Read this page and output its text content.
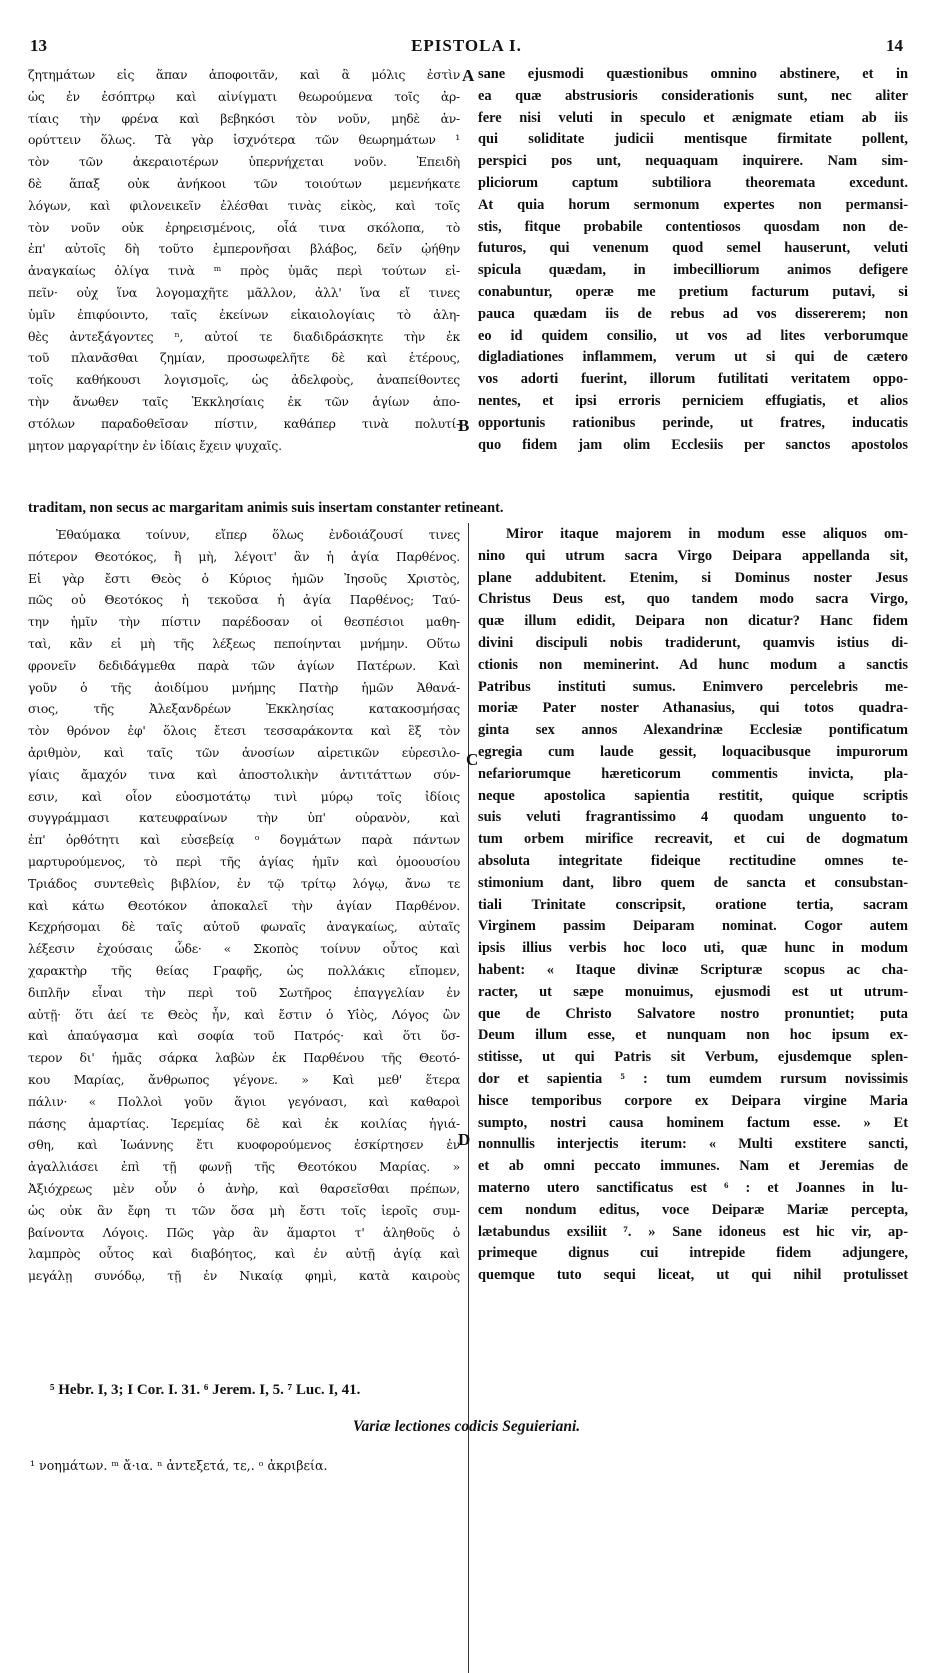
13	EPISTOLA I.	14
ζητημάτων εἰς ἅπαν ἀποφοιτᾶν, καὶ ἃ μόλις ἐστὶν
ὡς ἐν ἐσόπτρῳ καὶ αἰνίγματι θεωρούμενα τοῖς ἀρ-
τίαις τὴν φρένα καὶ βεβηκόσι τὸν νοῦν, μηδὲ ἀν-
ορύττειν ὅλως. Τὰ γὰρ ἰσχνότερα τῶν θεωρημάτων ¹
τὸν τῶν ἀκεραιοτέρων ὑπερνήχεται νοῦν. Ἐπειδὴ
δὲ ἅπαξ οὐκ ἀνήκοοι τῶν τοιούτων μεμενήκατε
λόγων, καὶ φιλονεικεῖν ἐλέσθαι τινὰς εἰκὸς, καὶ τοῖς
τὸν νοῦν οὐκ ἐρηρεισμένοις, οἷά τινα σκόλοπα, τὸ
ἐπ' αὐτοῖς δὴ τοῦτο ἐμπερονῆσαι βλάβος, δεῖν ᾠήθην
ἀναγκαίως ὀλίγα τινὰ ᵐ πρὸς ὑμᾶς περὶ τούτων εἰ-
πεῖν· οὐχ ἵνα λογομαχῆτε μᾶλλον, ἀλλ' ἵνα εἴ τινες
ὑμῖν ἐπιφύοιντο, ταῖς ἐκείνων εἰκαιολογίαις τὸ ἀλη-
θὲς ἀντεξάγοντες ⁿ, αὐτοί τε διαδιδράσκητε τὴν ἐκ
τοῦ πλανᾶσθαι ζημίαν, προσωφελῆτε δὲ καὶ ἑτέρους,
τοῖς καθήκουσι λογισμοῖς, ὡς ἀδελφοὺς, ἀναπείθοντες
τὴν ἄνωθεν ταῖς Ἐκκλησίαις ἐκ τῶν ἁγίων ἀπο-
στόλων παραδοθεῖσαν πίστιν, καθάπερ τινὰ πολυτί-
μητον μαργαρίτην ἐν ἰδίαις ἔχειν ψυχαῖς.
sane ejusmodi quæstionibus omnino abstinere, et in
ea quæ abstrusioris considerationis sunt, nec aliter
fere nisi veluti in speculo et ænigmate etiam ab iis
qui soliditate judicii mentisque firmitate pollent,
perspici pos unt, nequaquam inquirere. Nam sim-
pliciorum captum subtiliora theoremata excedunt.
At quia horum sermonum expertes non permansi-
stis, fitque probabile contentiosos quosdam non de-
futuros, qui venenum quod semel hauserunt, veluti
spicula quædam, in imbecilliorum animos defigere
conabuntur, operæ me pretium facturum putavi, si
pauca quædam iis de rebus ad vos dissererem; non
eo id quidem consilio, ut vos ad lites verborumque
digladiationes inflammem, verum ut si qui de cætero
vos adorti fuerint, illorum futilitati veritatem oppo-
nentes, et ipsi erroris perniciem effugiatis, et alios
opportunis rationibus perinde, ut fratres, inducatis
quo fidem jam olim Ecclesiis per sanctos apostolos
traditam, non secus ac margaritam animis suis insertam constanter retineant.
Ἐθαύμακα τοίνυν, εἴπερ ὅλως ἐνδοιάζουσί τινες
πότερον Θεοτόκος, ἢ μὴ, λέγοιτ' ἂν ἡ ἁγία Παρθένος.
Εἰ γὰρ ἔστι Θεὸς ὁ Κύριος ἡμῶν Ἰησοῦς Χριστὸς,
πῶς οὐ Θεοτόκος ἡ τεκοῦσα ἡ ἁγία Παρθένος; Ταύ-
την ἡμῖν τὴν πίστιν παρέδοσαν οἱ θεσπέσιοι μαθη-
ταὶ, κἂν εἰ μὴ τῆς λέξεως πεποίηνται μνήμην. Οὕτω
φρονεῖν δεδιδάγμεθα παρὰ τῶν ἁγίων Πατέρων. Καὶ
γοῦν ὁ τῆς ἀοιδίμου μνήμης Πατὴρ ἡμῶν Ἀθανά-
σιος, τῆς Ἀλεξανδρέων Ἐκκλησίας κατακοσμήσας
τὸν θρόνον ἐφ' ὅλοις ἔτεσι τεσσαράκοντα καὶ ἓξ τὸν
ἀριθμὸν, καὶ ταῖς τῶν ἀνοσίων αἱρετικῶν εὑρεσιλο-
γίαις ἄμαχόν τινα καὶ ἀποστολικὴν ἀντιτάττων σύν-
εσιν, καὶ οἷον εὐοσμοτάτῳ τινὶ μύρῳ τοῖς ἰδίοις
συγγράμμασι κατευφραίνων τὴν ὑπ' οὐρανὸν, καὶ
ἐπ' ὀρθότητι καὶ εὐσεβείᾳ ᵒ δογμάτων παρὰ πάντων
μαρτυρούμενος, τὸ περὶ τῆς ἁγίας ἡμῖν καὶ ὁμοουσίου
Τριάδος συντεθεὶς βιβλίον, ἐν τῷ τρίτῳ λόγῳ, ἄνω τε
καὶ κάτω Θεοτόκον ἀποκαλεῖ τὴν ἁγίαν Παρθένον.
Κεχρήσομαι δὲ ταῖς αὐτοῦ φωναῖς ἀναγκαίως, αὐταῖς
λέξεσιν ἐχούσαις ὧδε· « Σκοπὸς τοίνυν οὗτος καὶ
χαρακτὴρ τῆς θείας Γραφῆς, ὡς πολλάκις εἴπομεν,
διπλῆν εἶναι τὴν περὶ τοῦ Σωτῆρος ἐπαγγελίαν ἐν
αὐτῇ· ὅτι ἀεί τε Θεὸς ἦν, καὶ ἔστιν ὁ Υἱὸς, Λόγος ὢν
καὶ ἀπαύγασμα καὶ σοφία τοῦ Πατρός· καὶ ὅτι ὕσ-
τερον δι' ἡμᾶς σάρκα λαβὼν ἐκ Παρθένου τῆς Θεοτό-
κου Μαρίας, ἄνθρωπος γέγονε. » Καὶ μεθ' ἕτερα
πάλιν· « Πολλοὶ γοῦν ἅγιοι γεγόνασι, καὶ καθαροὶ
πάσης ἁμαρτίας. Ἱερεμίας δὲ καὶ ἐκ κοιλίας ἡγιά-
σθη, καὶ Ἰωάννης ἔτι κυοφορούμενος ἐσκίρτησεν ἐν
ἀγαλλιάσει ἐπὶ τῇ φωνῇ τῆς Θεοτόκου Μαρίας. »
Ἀξιόχρεως μὲν οὖν ὁ ἀνὴρ, καὶ θαρσεῖσθαι πρέπων,
ὡς οὐκ ἂν ἔφη τι τῶν ὅσα μὴ ἔστι τοῖς ἱεροῖς συμ-
βαίνοντα Λόγοις. Πῶς γὰρ ἂν ἅμαρτοι τ' ἀληθοῦς ὁ
λαμπρὸς οὗτος καὶ διαβόητος, καὶ ἐν αὐτῇ ἁγίᾳ καὶ
μεγάλῃ συνόδῳ, τῇ ἐν Νικαίᾳ φημὶ, κατὰ καιροὺς
Miror itaque majorem in modum esse aliquos om-
nino qui utrum sacra Virgo Deipara appellanda sit,
plane addubitent. Etenim, si Dominus noster Jesus
Christus Deus est, quo tandem modo sacra Virgo,
quæ illum edidit, Deipara non dicatur? Hanc fidem
divini discipuli nobis tradiderunt, quamvis istius di-
ctionis non meminerint. Ad hunc modum a sanctis
Patribus instituti sumus. Enimvero percelebris me-
moriæ Pater noster Athanasius, qui totos quadra-
ginta sex annos Alexandrinæ Ecclesiæ pontificatum
egregia cum laude gessit, loquacibusque impurorum
nefariorumque hæreticorum commentis invicta, pla-
neque apostolica sapientia restitit, quique scriptis
suis veluti fragrantissimo 4 quodam unguento to-
tum orbem mirifice recreavit, et cui de dogmatum
absoluta integritate fideique rectitudine omnes te-
stimonium dant, libro quem de sancta et consubstan-
tiali Trinitate conscripsit, oratione tertia, sacram
Virginem passim Deiparam nominat. Cogor autem
ipsis illius verbis hoc loco uti, quæ hunc in modum
habent: « Itaque divinæ Scripturæ scopus ac cha-
racter, ut sæpe monuimus, ejusmodi est ut utrum-
que de Christo Salvatore nostro pronuntiet; puta
Deum illum esse, et nunquam non hoc ipsum ex-
stitisse, ut qui Patris sit Verbum, ejusdemque splen-
dor et sapientia ⁵ : tum eumdem rursum novissimis
hisce temporibus corpore ex Deipara virgine Maria
sumpto, nostri causa hominem factum esse. » Et
nonnullis interjectis iterum: « Multi exstitere sancti,
et ab omni peccato immunes. Nam et Jeremias de
materno utero sanctificatus est ⁶ : et Joannes in lu-
cem nondum editus, voce Deiparæ Mariæ percepta,
lætabundus exsiliit ⁷. » Sane idoneus est hic vir, ap-
primeque dignus cui intrepide fidem adjungere,
quemque tuto sequi liceat, ut qui nihil protulisset
A
B
C
D
⁵ Hebr. I, 3; I Cor. I. 31. ⁶ Jerem. I, 5. ⁷ Luc. I, 41.
Variæ lectiones codicis Seguieriani.
¹ νοημάτων. ᵐ ἄ·ια. ⁿ ἀντεξετά, τε,. ᵒ ἀκριβεία.
